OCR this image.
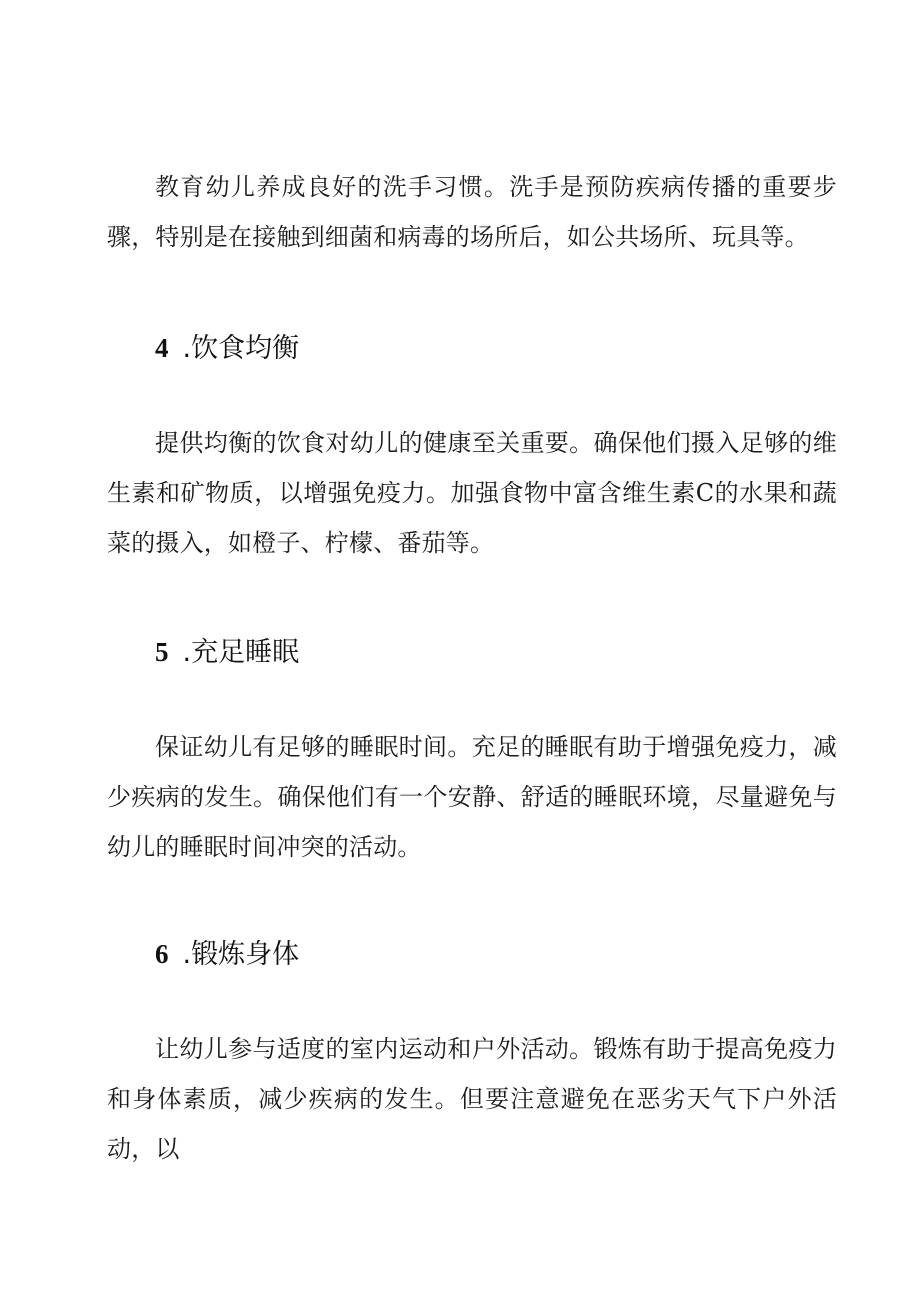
教育幼儿养成良好的洗手习惯。洗手是预防疾病传播的重要步骤，特别是在接触到细菌和病毒的场所后，如公共场所、玩具等。

4 .饮食均衡

提供均衡的饮食对幼儿的健康至关重要。确保他们摄入足够的维生素和矿物质，以增强免疫力。加强食物中富含维生素C的水果和蔬菜的摄入，如橙子、柠檬、番茄等。

5 .充足睡眠

保证幼儿有足够的睡眠时间。充足的睡眠有助于增强免疫力，减少疾病的发生。确保他们有一个安静、舒适的睡眠环境，尽量避免与幼儿的睡眠时间冲突的活动。

6 .锻炼身体

让幼儿参与适度的室内运动和户外活动。锻炼有助于提高免疫力和身体素质，减少疾病的发生。但要注意避免在恶劣天气下户外活动，以
